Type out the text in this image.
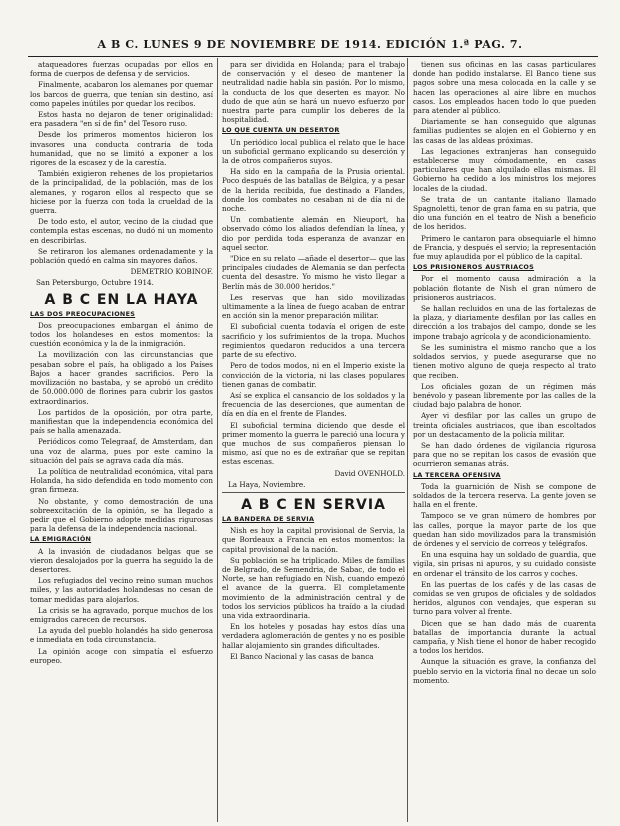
A B C. LUNES 9 DE NOVIEMBRE DE 1914. EDICIÓN 1.ª PAG. 7.

ataqueadores fuerzas ocupadas por ellos en forma de cuerpos de defensa y de servicios.

Finalmente, acabaron los alemanes por quemar los barcos de guerra, que tenían sin destino, así como papeles inútiles por quedar los recibos.

Estos hasta no dejaron de tener originalidad: era pasadera "en sí de fin" del Tesoro ruso.

Desde los primeros momentos hicieron los invasores una conducta contraria de toda humanidad, que no se limitó a exponer a los rigores de la escasez y de la carestía.

También exigieron rehenes de los propietarios de la principalidad, de la población, mas de los alemanes, y rogaron ellos al respecto que se hiciese por la fuerza con toda la crueldad de la guerra.

De todo esto, el autor, vecino de la ciudad que contempla estas escenas, no dudó ni un momento en describirlas.

Se retiraron los alemanes ordenadamente y la población quedó en calma sin mayores daños.

DEMETRIO KOBINOF.

San Petersburgo, Octubre 1914.

A B C EN LA HAYA
LAS DOS PREOCUPACIONES

Dos preocupaciones embargan el ánimo de todos los holandeses en estos momentos: la cuestión económica y la de la inmigración.

La movilización con las circunstancias que pesaban sobre el país, ha obligado a los Países Bajos a hacer grandes sacrificios. Pero la movilización no bastaba, y se aprobó un crédito de 50.000.000 de florines para cubrir los gastos extraordinarios.

Los partidos de la oposición, por otra parte, manifiestan que la independencia económica del país se halla amenazada.

Periódicos como Telegraaf, de Amsterdam, dan una voz de alarma, pues por este camino la situación del país se agrava cada día más.

La política de neutralidad económica, vital para Holanda, ha sido defendida en todo momento con gran firmeza.

No obstante, y como demostración de una sobreexcitación de la opinión, se ha llegado a pedir que el Gobierno adopte medidas rigurosas para la defensa de la independencia nacional.

LA EMIGRACIÓN

A la invasión de ciudadanos belgas que se vieron desalojados por la guerra ha seguido la de desertores.

Los refugiados del vecino reino suman muchos miles, y las autoridades holandesas no cesan de tomar medidas para alojarlos.

La crisis se ha agravado, porque muchos de los emigrados carecen de recursos.

La ayuda del pueblo holandés ha sido generosa e inmediata en toda circunstancia.

La opinión acoge con simpatía el esfuerzo europeo.

para ser dividida en Holanda; para el trabajo de conservación y el deseo de mantener la neutralidad nadie habla sin pasión. Por lo mismo, la conducta de los que deserten es mayor. No dudo de que aún se hará un nuevo esfuerzo por nuestra parte para cumplir los deberes de la hospitalidad.

LO QUE CUENTA UN DESERTOR

Un periódico local publica el relato que le hace un suboficial germano explicando su deserción y la de otros compañeros suyos.

Ha sido en la campaña de la Prusia oriental. Poco después de las batallas de Bélgica, y a pesar de la herida recibida, fue destinado a Flandes, donde los combates no cesaban ni de día ni de noche.

Un combatiente alemán en Nieuport, ha observado cómo los aliados defendían la línea, y dio por perdida toda esperanza de avanzar en aquel sector.

"Dice en su relato —añade el desertor— que las principales ciudades de Alemania se dan perfecta cuenta del desastre. Yo mismo he visto llegar a Berlín más de 30.000 heridos."

Les reservas que han sido movilizadas ultimamente a la línea de fuego acaban de entrar en acción sin la menor preparación militar.

El suboficial cuenta todavía el origen de este sacrificio y los sufrimientos de la tropa. Muchos regimientos quedaron reducidos a una tercera parte de su efectivo.

Pero de todos modos, ni en el Imperio existe la convicción de la victoria, ni las clases populares tienen ganas de combatir.

Así se explica el cansancio de los soldados y la frecuencia de las deserciones, que aumentan de día en día en el frente de Flandes.

El suboficial termina diciendo que desde el primer momento la guerra le pareció una locura y que muchos de sus compañeros piensan lo mismo, así que no es de extrañar que se repitan estas escenas.

David OVENHOLD.

La Haya, Noviembre.

A B C EN SERVIA
LA BANDERA DE SERVIA

Nish es hoy la capital provisional de Servia, la que Bordeaux a Francia en estos momentos: la capital provisional de la nación.

Su población se ha triplicado. Miles de familias de Belgrado, de Semendria, de Sabac, de todo el Norte, se han refugiado en Nish, cuando empezó el avance de la guerra. El completamente movimiento de la administración central y de todos los servicios públicos ha traído a la ciudad una vida extraordinaria.

En los hoteles y posadas hay estos días una verdadera aglomeración de gentes y no es posible hallar alojamiento sin grandes dificultades.

El Banco Nacional y las casas de banca

tienen sus oficinas en las casas particulares donde han podido instalarse. El Banco tiene sus pagos sobre una mesa colocada en la calle y se hacen las operaciones al aire libre en muchos casos. Los empleados hacen todo lo que pueden para atender al público.

Diariamente se han conseguido que algunas familias pudientes se alojen en el Gobierno y en las casas de las aldeas próximas.

Las legaciones extranjeras han conseguido establecerse muy cómodamente, en casas particulares que han alquilado ellas mismas. El Gobierno ha cedido a los ministros los mejores locales de la ciudad.

Se trata de un cantante italiano llamado Spagnoletti, tenor de gran fama en su patria, que dio una función en el teatro de Nish a beneficio de los heridos.

Primero le cantaron para obsequiarle el himno de Francia, y después el servio; la representación fue muy aplaudida por el público de la capital.

LOS PRISIONEROS AUSTRIACOS

Por el momento causa admiración a la población flotante de Nish el gran número de prisioneros austriacos.

Se hallan recluidos en una de las fortalezas de la plaza, y diariamente desfilan por las calles en dirección a los trabajos del campo, donde se les impone trabajo agrícola y de acondicionamiento.

Se les suministra el mismo rancho que a los soldados servios, y puede asegurarse que no tienen motivo alguno de queja respecto al trato que reciben.

Los oficiales gozan de un régimen más benévolo y pasean libremente por las calles de la ciudad bajo palabra de honor.

Ayer vi desfilar por las calles un grupo de treinta oficiales austriacos, que iban escoltados por un destacamento de la policía militar.

Se han dado órdenes de vigilancia rigurosa para que no se repitan los casos de evasión que ocurrieron semanas atrás.

LA TERCERA OFENSIVA

Toda la guarnición de Nish se compone de soldados de la tercera reserva. La gente joven se halla en el frente.

Tampoco se ve gran número de hombres por las calles, porque la mayor parte de los que quedan han sido movilizados para la transmisión de órdenes y el servicio de correos y telégrafos.

En una esquina hay un soldado de guardia, que vigila, sin prisas ni apuros, y su cuidado consiste en ordenar el tránsito de los carros y coches.

En las puertas de los cafés y de las casas de comidas se ven grupos de oficiales y de soldados heridos, algunos con vendajes, que esperan su turno para volver al frente.

Dicen que se han dado más de cuarenta batallas de importancia durante la actual campaña, y Nish tiene el honor de haber recogido a todos los heridos.

Aunque la situación es grave, la confianza del pueblo servio en la victoria final no decae un solo momento.
